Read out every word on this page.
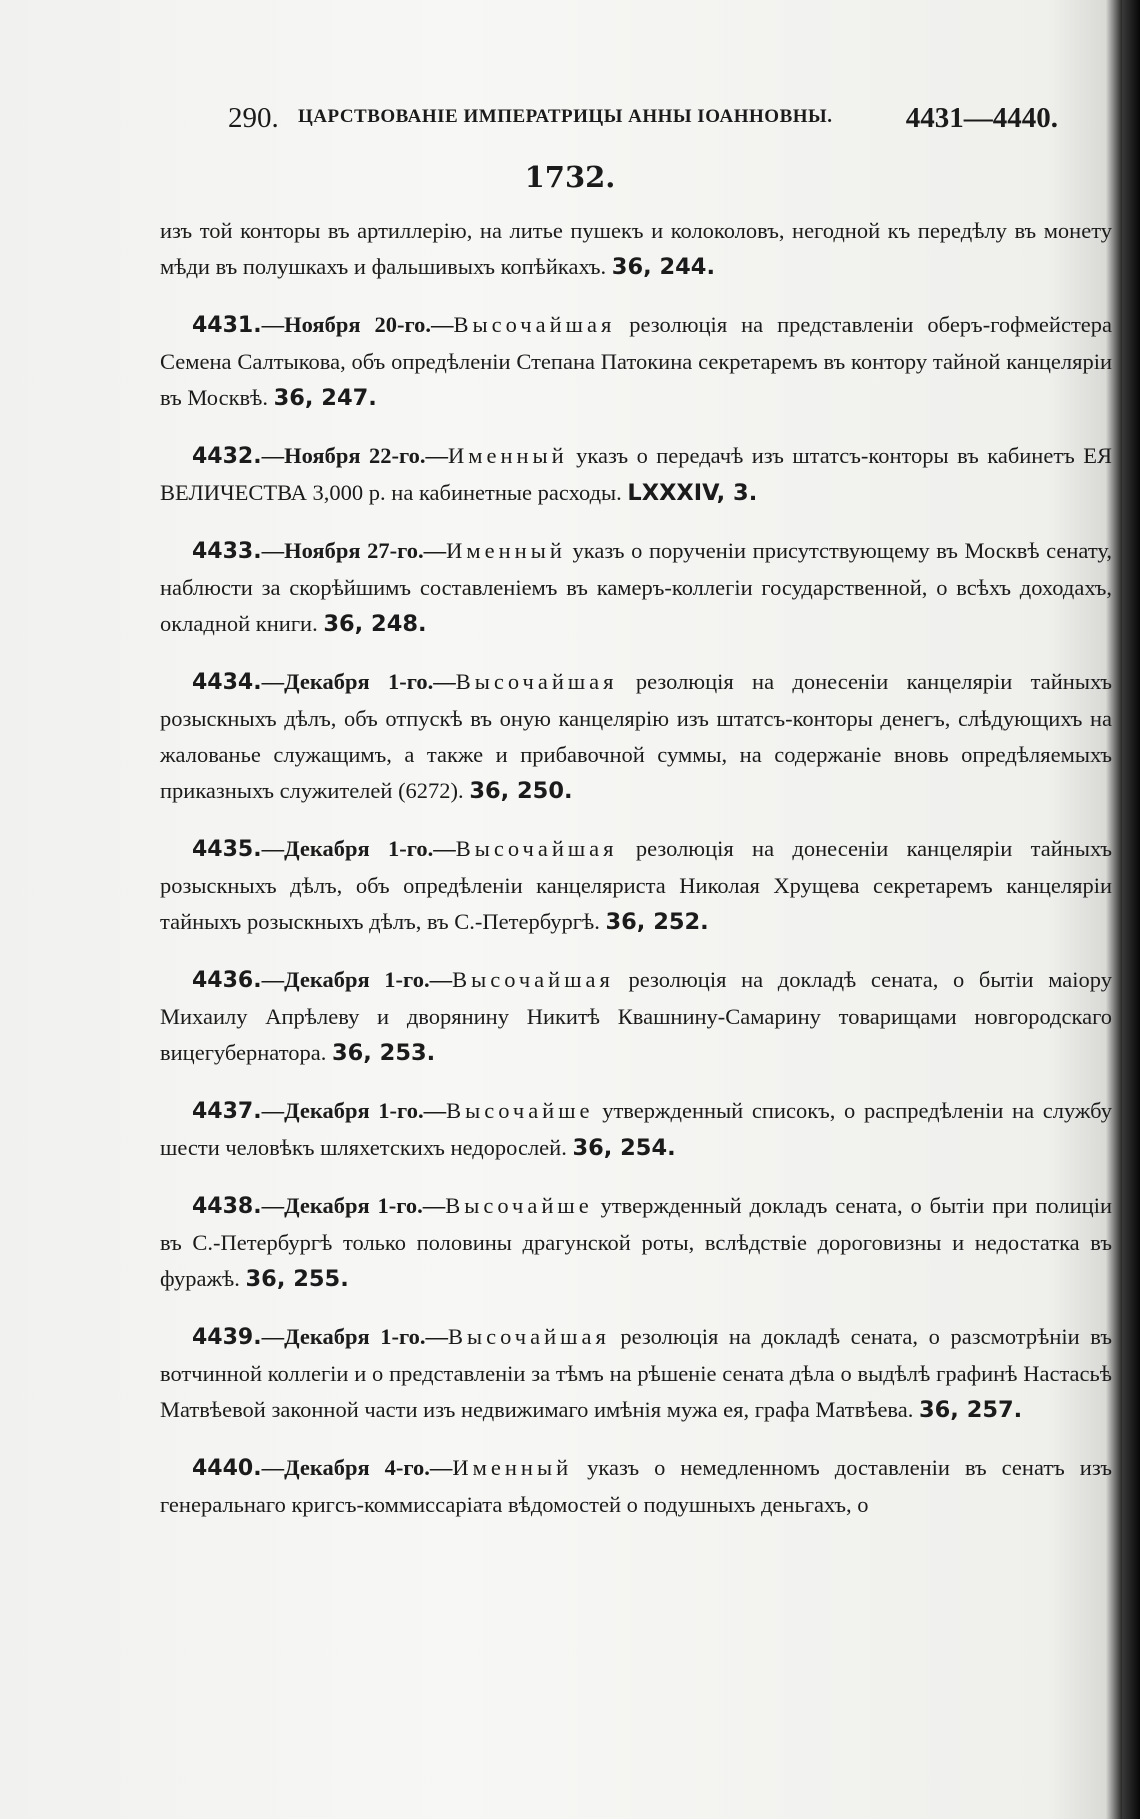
290. ЦАРСТВОВАНІЕ ИМПЕРАТРИЦЫ АННЫ ІОАННОВНЫ.	4431—4440.
1732.

изъ той конторы въ артиллерію, на литье пушекъ и колоколовъ, негодной къ передѣлу въ монету мѣди въ полушкахъ и фальшивыхъ копѣйкахъ. 36, 244.

4431.—Ноября 20-го.—Высочайшая резолюція на представленіи оберъ-гофмейстера Семена Салтыкова, объ опредѣленіи Степана Патокина секретаремъ въ контору тайной канцеляріи въ Москвѣ. 36, 247.

4432.—Ноября 22-го.—Именный указъ о передачѣ изъ штатсъ-конторы въ кабинетъ ЕЯ ВЕЛИЧЕСТВА 3,000 р. на кабинетные расходы. LXXXIV, 3.

4433.—Ноября 27-го.—Именный указъ о порученіи присутствующему въ Москвѣ сенату, наблюсти за скорѣйшимъ составленіемъ въ камеръ-коллегіи государственной, о всѣхъ доходахъ, окладной книги. 36, 248.

4434.—Декабря 1-го.—Высочайшая резолюція на донесеніи канцеляріи тайныхъ розыскныхъ дѣлъ, объ отпускѣ въ оную канцелярію изъ штатсъ-конторы денегъ, слѣдующихъ на жалованье служащимъ, а также и прибавочной суммы, на содержаніе вновь опредѣляемыхъ приказныхъ служителей (6272). 36, 250.

4435.—Декабря 1-го.—Высочайшая резолюція на донесеніи канцеляріи тайныхъ розыскныхъ дѣлъ, объ опредѣленіи канцеляриста Николая Хрущева секретаремъ канцеляріи тайныхъ розыскныхъ дѣлъ, въ С.-Петербургѣ. 36, 252.

4436.—Декабря 1-го.—Высочайшая резолюція на докладѣ сената, о бытіи маіору Михаилу Апрѣлеву и дворянину Никитѣ Квашнину-Самарину товарищами новгородскаго вицегубернатора. 36, 253.

4437.—Декабря 1-го.—Высочайше утвержденный списокъ, о распредѣленіи на службу шести человѣкъ шляхетскихъ недорослей. 36, 254.

4438.—Декабря 1-го.—Высочайше утвержденный докладъ сената, о бытіи при полиціи въ С.-Петербургѣ только половины драгунской роты, вслѣдствіе дороговизны и недостатка въ фуражѣ. 36, 255.

4439.—Декабря 1-го.—Высочайшая резолюція на докладѣ сената, о разсмотрѣніи въ вотчинной коллегіи и о представленіи за тѣмъ на рѣшеніе сената дѣла о выдѣлѣ графинѣ Настасьѣ Матвѣевой законной части изъ недвижимаго имѣнія мужа ея, графа Матвѣева. 36, 257.

4440.—Декабря 4-го.—Именный указъ о немедленномъ доставленіи въ сенатъ изъ генеральнаго кригсъ-коммиссаріата вѣдомостей о подушныхъ деньгахъ, о
